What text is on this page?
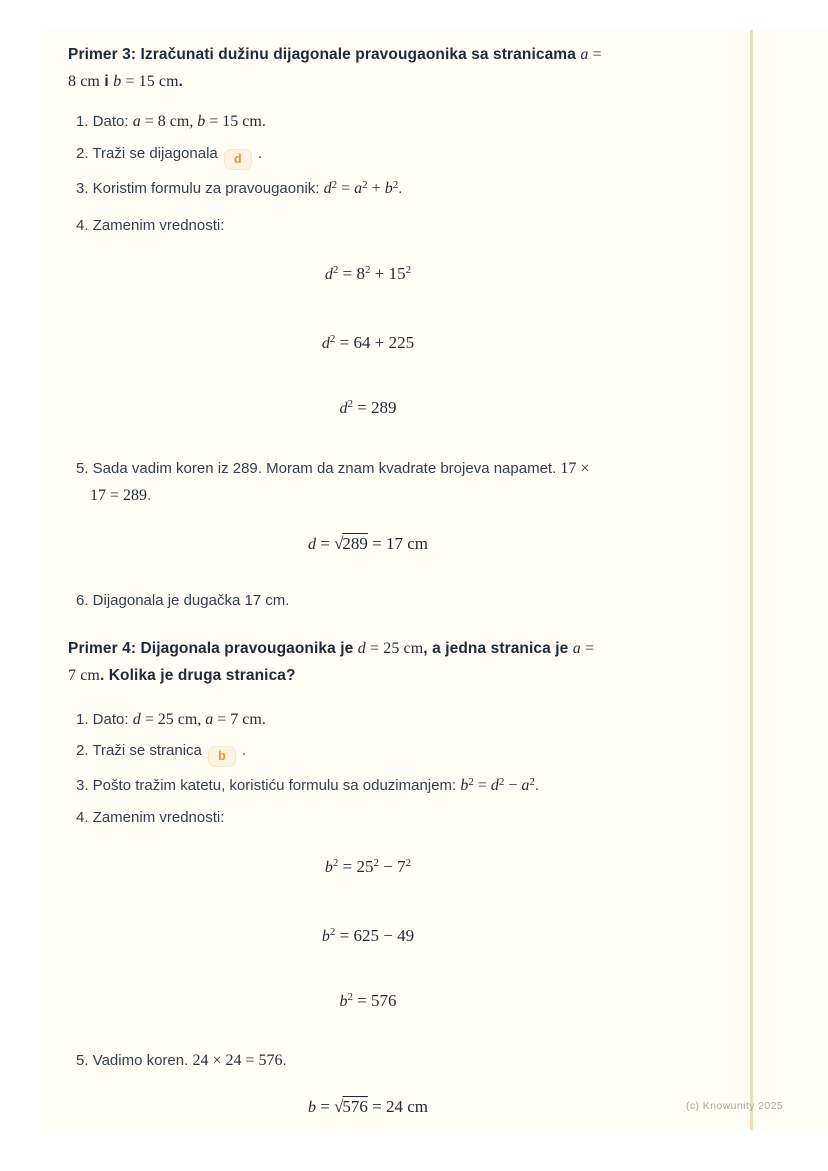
Primer 3: Izračunati dužinu dijagonale pravougaonika sa stranicama a =
8 cm i b = 15 cm.
1. Dato: a = 8 cm, b = 15 cm.
2. Traži se dijagonala d .
3. Koristim formulu za pravougaonik: $d^2 = a^2 + b^2$.
4. Zamenim vrednosti:
$d^2 = 8^2 + 15^2$
$d^2 = 64 + 225$
$d^2 = 289$
5. Sada vadim koren iz 289. Moram da znam kvadrate brojeva napamet. 17 ×
17 = 289.
d = √289 = 17 cm
6. Dijagonala je dugačka 17 cm.
Primer 4: Dijagonala pravougaonika je d = 25 cm, a jedna stranica je a =
7 cm. Kolika je druga stranica?
1. Dato: d = 25 cm, a = 7 cm.
2. Traži se stranica b .
3. Pošto tražim katetu, koristiću formulu sa oduzimanjem: $b^2 = d^2 - a^2$.
4. Zamenim vrednosti:
$b^2 = 25^2 - 7^2$
$b^2 = 625 - 49$
$b^2 = 576$
5. Vadimo koren. 24 × 24 = 576.
b = √576 = 24 cm	(c) Knowunity 2025
